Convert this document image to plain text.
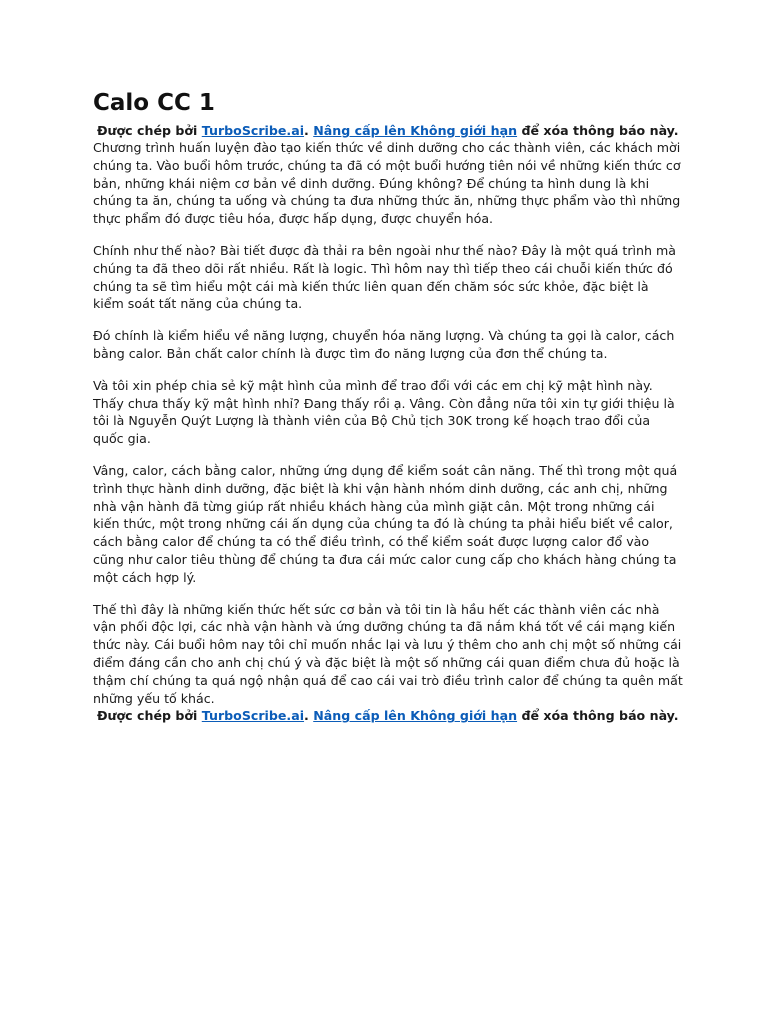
Calo CC 1

Được chép bởi TurboScribe.ai. Nâng cấp lên Không giới hạn để xóa thông báo này.

Chương trình huấn luyện đào tạo kiến thức về dinh dưỡng cho các thành viên, các khách mời chúng ta. Vào buổi hôm trước, chúng ta đã có một buổi hướng tiên nói về những kiến thức cơ bản, những khái niệm cơ bản về dinh dưỡng. Đúng không? Để chúng ta hình dung là khi chúng ta ăn, chúng ta uống và chúng ta đưa những thức ăn, những thực phẩm vào thì những thực phẩm đó được tiêu hóa, được hấp dụng, được chuyển hóa.

Chính như thế nào? Bài tiết được đà thải ra bên ngoài như thế nào? Đây là một quá trình mà chúng ta đã theo dõi rất nhiều. Rất là logic. Thì hôm nay thì tiếp theo cái chuỗi kiến thức đó chúng ta sẽ tìm hiểu một cái mà kiến thức liên quan đến chăm sóc sức khỏe, đặc biệt là kiểm soát tất năng của chúng ta.

Đó chính là kiểm hiểu về năng lượng, chuyển hóa năng lượng. Và chúng ta gọi là calor, cách bằng calor. Bản chất calor chính là được tìm đo năng lượng của đơn thể chúng ta.

Và tôi xin phép chia sẻ kỹ mật hình của mình để trao đổi với các em chị kỹ mật hình này. Thấy chưa thấy kỹ mật hình nhỉ? Đang thấy rồi ạ. Vâng. Còn đẳng nữa tôi xin tự giới thiệu là tôi là Nguyễn Quýt Lượng là thành viên của Bộ Chủ tịch 30K trong kế hoạch trao đổi của quốc gia.

Vâng, calor, cách bằng calor, những ứng dụng để kiểm soát cân năng. Thế thì trong một quá trình thực hành dinh dưỡng, đặc biệt là khi vận hành nhóm dinh dưỡng, các anh chị, những nhà vận hành đã từng giúp rất nhiều khách hàng của mình giặt cân. Một trong những cái kiến thức, một trong những cái ấn dụng của chúng ta đó là chúng ta phải hiểu biết về calor, cách bằng calor để chúng ta có thể điều trình, có thể kiểm soát được lượng calor đổ vào cũng như calor tiêu thùng để chúng ta đưa cái mức calor cung cấp cho khách hàng chúng ta một cách hợp lý.

Thế thì đây là những kiến thức hết sức cơ bản và tôi tin là hầu hết các thành viên các nhà vận phối độc lợi, các nhà vận hành và ứng dưỡng chúng ta đã nắm khá tốt về cái mạng kiến thức này. Cái buổi hôm nay tôi chỉ muốn nhắc lại và lưu ý thêm cho anh chị một số những cái điểm đáng cần cho anh chị chú ý và đặc biệt là một số những cái quan điểm chưa đủ hoặc là thậm chí chúng ta quá ngộ nhận quá để cao cái vai trò điều trình calor để chúng ta quên mất những yếu tố khác.

Được chép bởi TurboScribe.ai. Nâng cấp lên Không giới hạn để xóa thông báo này.
